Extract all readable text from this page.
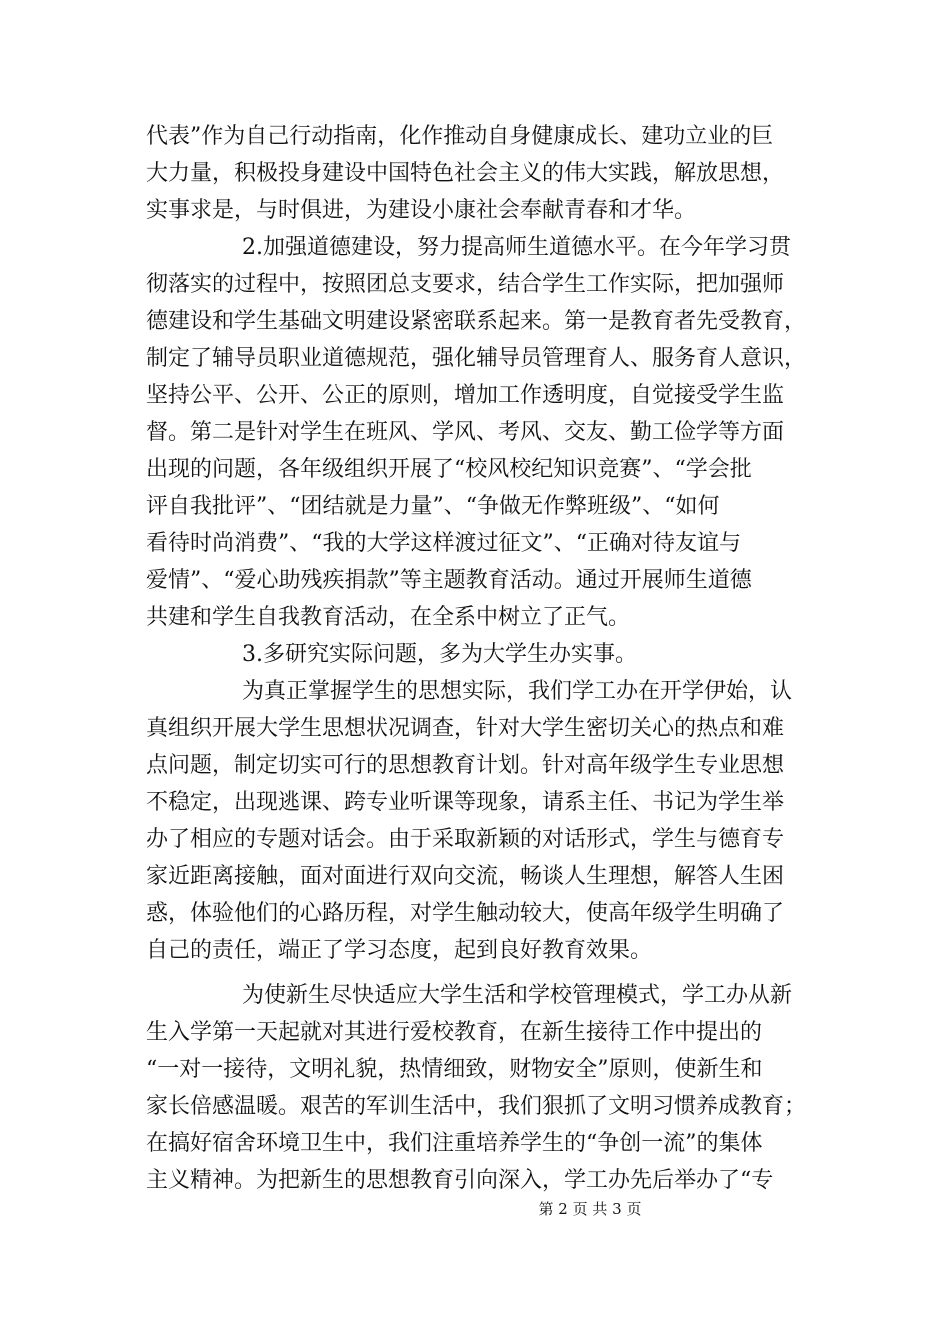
代表”作为自己行动指南，化作推动自身健康成长、建功立业的巨
大力量，积极投身建设中国特色社会主义的伟大实践，解放思想，
实事求是，与时俱进，为建设小康社会奉献青春和才华。
2.加强道德建设，努力提高师生道德水平。在今年学习贯
彻落实的过程中，按照团总支要求，结合学生工作实际，把加强师
德建设和学生基础文明建设紧密联系起来。第一是教育者先受教育，
制定了辅导员职业道德规范，强化辅导员管理育人、服务育人意识，
坚持公平、公开、公正的原则，增加工作透明度，自觉接受学生监
督。第二是针对学生在班风、学风、考风、交友、勤工俭学等方面
出现的问题，各年级组织开展了“校风校纪知识竞赛”、“学会批
评自我批评”、“团结就是力量”、“争做无作弊班级”、“如何
看待时尚消费”、“我的大学这样渡过征文”、“正确对待友谊与
爱情”、“爱心助残疾捐款”等主题教育活动。通过开展师生道德
共建和学生自我教育活动，在全系中树立了正气。
3.多研究实际问题，多为大学生办实事。
为真正掌握学生的思想实际，我们学工办在开学伊始，认
真组织开展大学生思想状况调查，针对大学生密切关心的热点和难
点问题，制定切实可行的思想教育计划。针对高年级学生专业思想
不稳定，出现逃课、跨专业听课等现象，请系主任、书记为学生举
办了相应的专题对话会。由于采取新颖的对话形式，学生与德育专
家近距离接触，面对面进行双向交流，畅谈人生理想，解答人生困
惑，体验他们的心路历程，对学生触动较大，使高年级学生明确了
自己的责任，端正了学习态度，起到良好教育效果。
为使新生尽快适应大学生活和学校管理模式，学工办从新
生入学第一天起就对其进行爱校教育，在新生接待工作中提出的
“一对一接待，文明礼貌，热情细致，财物安全”原则，使新生和
家长倍感温暖。艰苦的军训生活中，我们狠抓了文明习惯养成教育；
在搞好宿舍环境卫生中，我们注重培养学生的“争创一流”的集体
主义精神。为把新生的思想教育引向深入，学工办先后举办了“专
第 2 页 共 3 页
